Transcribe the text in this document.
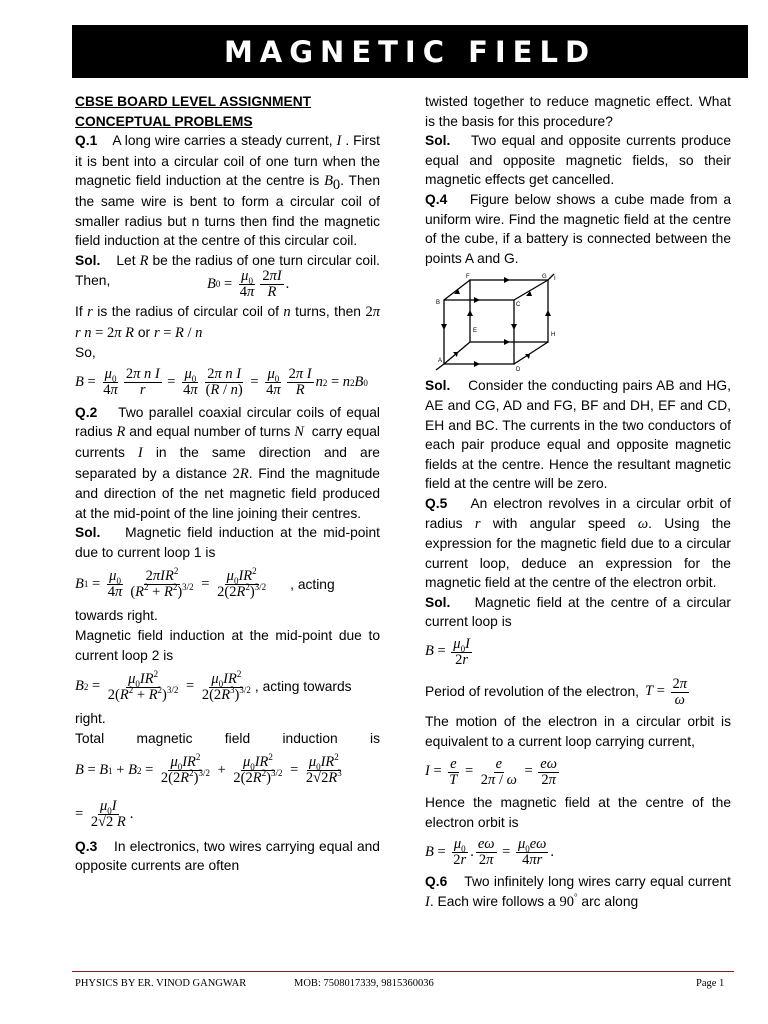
MAGNETIC FIELD

CBSE BOARD LEVEL ASSIGNMENT

CONCEPTUAL PROBLEMS

Q.1 A long wire carries a steady current, I . First it is bent into a circular coil of one turn when the magnetic field induction at the centre is $B_0$. Then the same wire is bent to form a circular coil of smaller radius but n turns then find the magnetic field induction at the centre of this circular coil.

Sol. Let R be the radius of one turn circular coil. Then,	B $0 = \frac{\mu_0}{4\pi} \frac{2\pi I}{R}$ .

If r is the radius of circular coil of n turns, then 2π r n = 2π R or r = R / n

So,

$B = \frac{\mu_0}{4\pi} \frac{\text{2π n I}}{r} = \frac{\mu_0}{4\pi} \frac{\text{2π n I}}{(R / n)} = \frac{\mu_0}{4\pi} \frac{\text{2π I}}{R}$ n 2 = n 2 B 0

Q.2 Two parallel coaxial circular coils of equal radius R and equal number of turns N carry equal currents I in the same direction and are separated by a distance 2R. Find the magnitude and direction of the net magnetic field produced at the mid-point of the line joining their centres.

Sol. Magnetic field induction at the mid-point due to current loop 1 is

B $1 = \frac{\mu_0}{4\pi} \frac{2\pi IR^2}{(R^2 + R^2)^{3/2}} = \frac{\mu_0IR^2}{2(2R^2)^{3/2}}$ , acting

towards right.

Magnetic field induction at the mid-point due to current loop 2 is

B $2 = \frac{\mu_0IR^2}{2(R^2 + R^2)^{3/2}} = \frac{\mu_0IR^2}{2(2R^3)^{3/2}}$ , acting towards

right.

Total magnetic field induction is

B = B 1 + B $2 = \frac{\mu_0IR^2}{2(2R^2)^{3/2}} + \frac{\mu_0IR^2}{2(2R^2)^{3/2}} = \frac{\mu_0IR^2}{2√2R^3}$

= $\frac{\mu_0I}{2√2 R}$ .

Q.3 In electronics, two wires carrying equal and opposite currents are often

twisted together to reduce magnetic effect. What is the basis for this procedure?

Sol. Two equal and opposite currents produce equal and opposite magnetic fields, so their magnetic effects get cancelled.

Q.4 Figure below shows a cube made from a uniform wire. Find the magnetic field at the centre of the cube, if a battery is connected between the points A and G.

F	G I
B	C
E
H
A
D

Sol. Consider the conducting pairs AB and HG, AE and CG, AD and FG, BF and DH, EF and CD, EH and BC. The currents in the two conductors of each pair produce equal and opposite magnetic fields at the centre. Hence the resultant magnetic field at the centre will be zero.

Q.5 An electron revolves in a circular orbit of radius r with angular speed ω. Using the expression for the magnetic field due to a circular current loop, deduce an expression for the magnetic field at the centre of the electron orbit.

Sol. Magnetic field at the centre of a circular current loop is

$B = \frac{\mu_0I}{2r}$

Period of revolution of the electron, $T = \frac{2\pi}{\omega}$

The motion of the electron in a circular orbit is equivalent to a current loop carrying current,

$I = \frac{e}{T} = \frac{e}{2\pi / \omega} = \frac{e\omega}{2\pi}$

Hence the magnetic field at the centre of the electron orbit is

$B = \frac{\mu_0}{2r}$ . $\frac{e\omega}{2\pi} = \frac{\mu_0e\omega}{4\pi r}$ .

Q.6 Two infinitely long wires carry equal current I. Each wire follows a 90° arc along

PHYSICS BY ER. VINOD GANGWAR	MOB: 7508017339, 9815360036	Page 1
